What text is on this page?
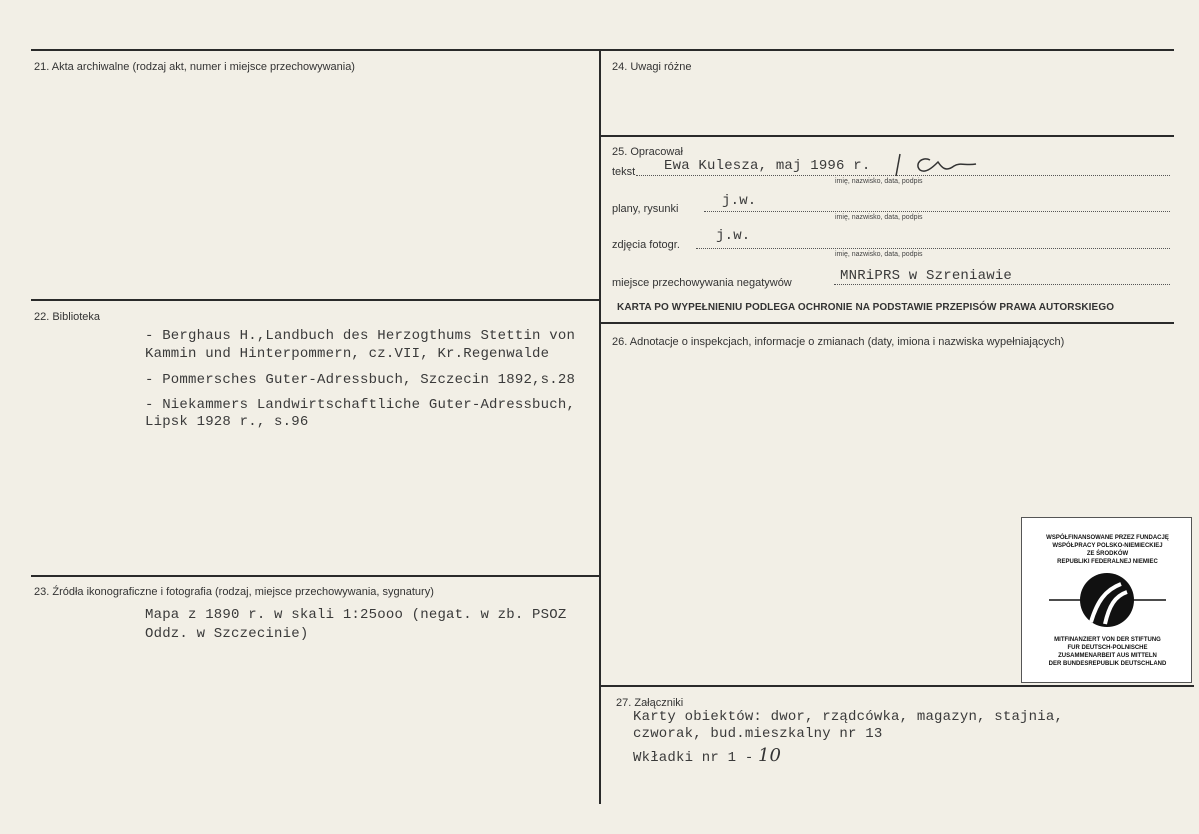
21. Akta archiwalne (rodzaj akt, numer i miejsce przechowywania)
22. Biblioteka
- Berghaus H.,Landbuch des Herzogthums Stettin von
Kammin und Hinterpommern, cz.VII, Kr.Regenwalde
- Pommersches Guter-Adressbuch, Szczecin 1892,s.28
- Niekammers Landwirtschaftliche Guter-Adressbuch,
Lipsk 1928 r., s.96
23. Źródła ikonograficzne i fotografia (rodzaj, miejsce przechowywania, sygnatury)
Mapa z 1890 r. w skali 1:25ooo (negat. w zb. PSOZ
Oddz. w Szczecinie)
24. Uwagi różne
25. Opracował
tekst Ewa Kulesza, maj 1996 r.
imię, nazwisko, data, podpis
plany, rysunki	j.w.
imię, nazwisko, data, podpis
zdjęcia fotogr.
j.w.
imię, nazwisko, data, podpis
miejsce przechowywania negatywów	MNRiPRS w Szreniawie
KARTA PO WYPEŁNIENIU PODLEGA OCHRONIE NA PODSTAWIE PRZEPISÓW PRAWA AUTORSKIEGO
26. Adnotacje o inspekcjach, informacje o zmianach (daty, imiona i nazwiska wypełniających)
WSPÓŁFINANSOWANE PRZEZ FUNDACJĘ
WSPÓŁPRACY POLSKO-NIEMIECKIEJ
ZE ŚRODKÓW
REPUBLIKI FEDERALNEJ NIEMIEC
MITFINANZIERT VON DER STIFTUNG
FUR DEUTSCH-POLNISCHE
ZUSAMMENARBEIT AUS MITTELN
DER BUNDESREPUBLIK DEUTSCHLAND
27. Załączniki
Karty obiektów: dwor, rządcówka, magazyn, stajnia,
czworak, bud.mieszkalny nr 13
Wkładki nr 1 - 10
